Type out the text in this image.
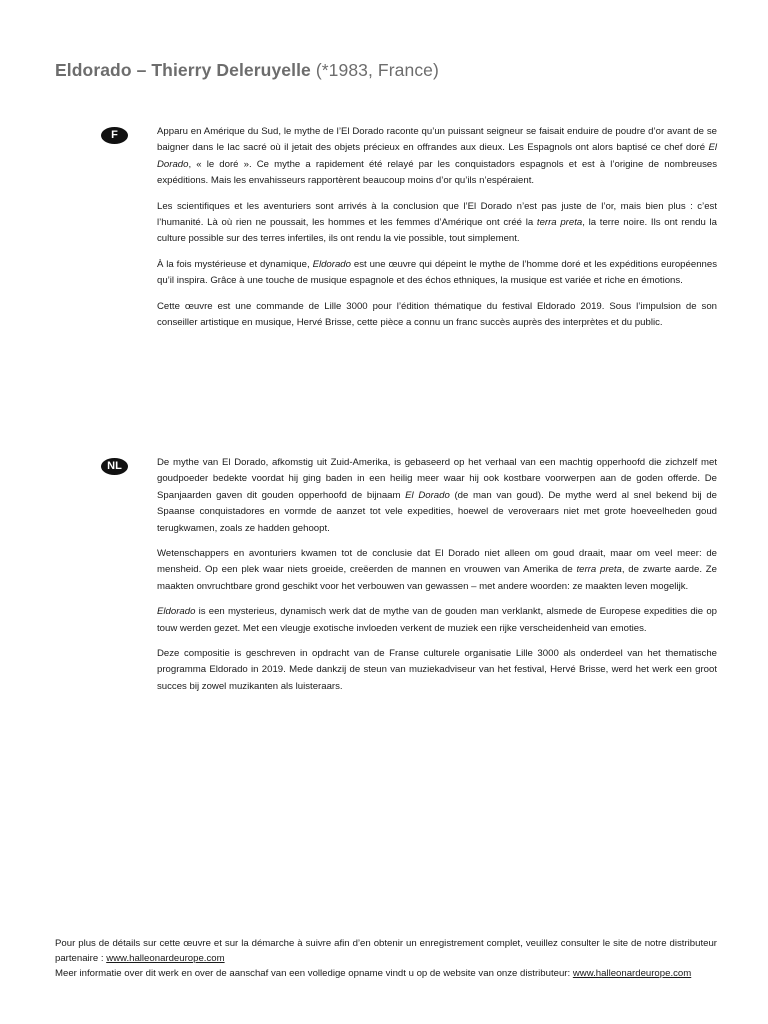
Eldorado – Thierry Deleruyelle (*1983, France)
F	Apparu en Amérique du Sud, le mythe de l’El Dorado raconte qu’un puissant seigneur se faisait enduire de poudre d’or avant de se baigner dans le lac sacré où il jetait des objets précieux en offrandes aux dieux. Les Espagnols ont alors baptisé ce chef doré El Dorado, « le doré ». Ce mythe a rapidement été relayé par les conquistadors espagnols et est à l’origine de nombreuses expéditions. Mais les envahisseurs rapportèrent beaucoup moins d’or qu’ils n’espéraient.

Les scientifiques et les aventuriers sont arrivés à la conclusion que l’El Dorado n’est pas juste de l’or, mais bien plus : c’est l’humanité. Là où rien ne poussait, les hommes et les femmes d’Amérique ont créé la terra preta, la terre noire. Ils ont rendu la culture possible sur des terres infertiles, ils ont rendu la vie possible, tout simplement.

À la fois mystérieuse et dynamique, Eldorado est une œuvre qui dépeint le mythe de l’homme doré et les expéditions européennes qu’il inspira. Grâce à une touche de musique espagnole et des échos ethniques, la musique est variée et riche en émotions.

Cette œuvre est une commande de Lille 3000 pour l’édition thématique du festival Eldorado 2019. Sous l’impulsion de son conseiller artistique en musique, Hervé Brisse, cette pièce a connu un franc succès auprès des interprètes et du public.

NL	De mythe van El Dorado, afkomstig uit Zuid-Amerika, is gebaseerd op het verhaal van een machtig opperhoofd die zichzelf met goudpoeder bedekte voordat hij ging baden in een heilig meer waar hij ook kostbare voorwerpen aan de goden offerde. De Spanjaarden gaven dit gouden opperhoofd de bijnaam El Dorado (de man van goud). De mythe werd al snel bekend bij de Spaanse conquistadores en vormde de aanzet tot vele expedities, hoewel de veroveraars niet met grote hoeveelheden goud terugkwamen, zoals ze hadden gehoopt.

Wetenschappers en avonturiers kwamen tot de conclusie dat El Dorado niet alleen om goud draait, maar om veel meer: de mensheid. Op een plek waar niets groeide, creëerden de mannen en vrouwen van Amerika de terra preta, de zwarte aarde. Ze maakten onvruchtbare grond geschikt voor het verbouwen van gewassen – met andere woorden: ze maakten leven mogelijk.

Eldorado is een mysterieus, dynamisch werk dat de mythe van de gouden man verklankt, alsmede de Europese expedities die op touw werden gezet. Met een vleugje exotische invloeden verkent de muziek een rijke verscheidenheid van emoties.

Deze compositie is geschreven in opdracht van de Franse culturele organisatie Lille 3000 als onderdeel van het thematische programma Eldorado in 2019. Mede dankzij de steun van muziekadviseur van het festival, Hervé Brisse, werd het werk een groot succes bij zowel muzikanten als luisteraars.

Pour plus de détails sur cette œuvre et sur la démarche à suivre afin d’en obtenir un enregistrement complet, veuillez consulter le site de notre distributeur partenaire : www.halleonardeurope.com

Meer informatie over dit werk en over de aanschaf van een volledige opname vindt u op de website van onze distributeur: www.halleonardeurope.com
